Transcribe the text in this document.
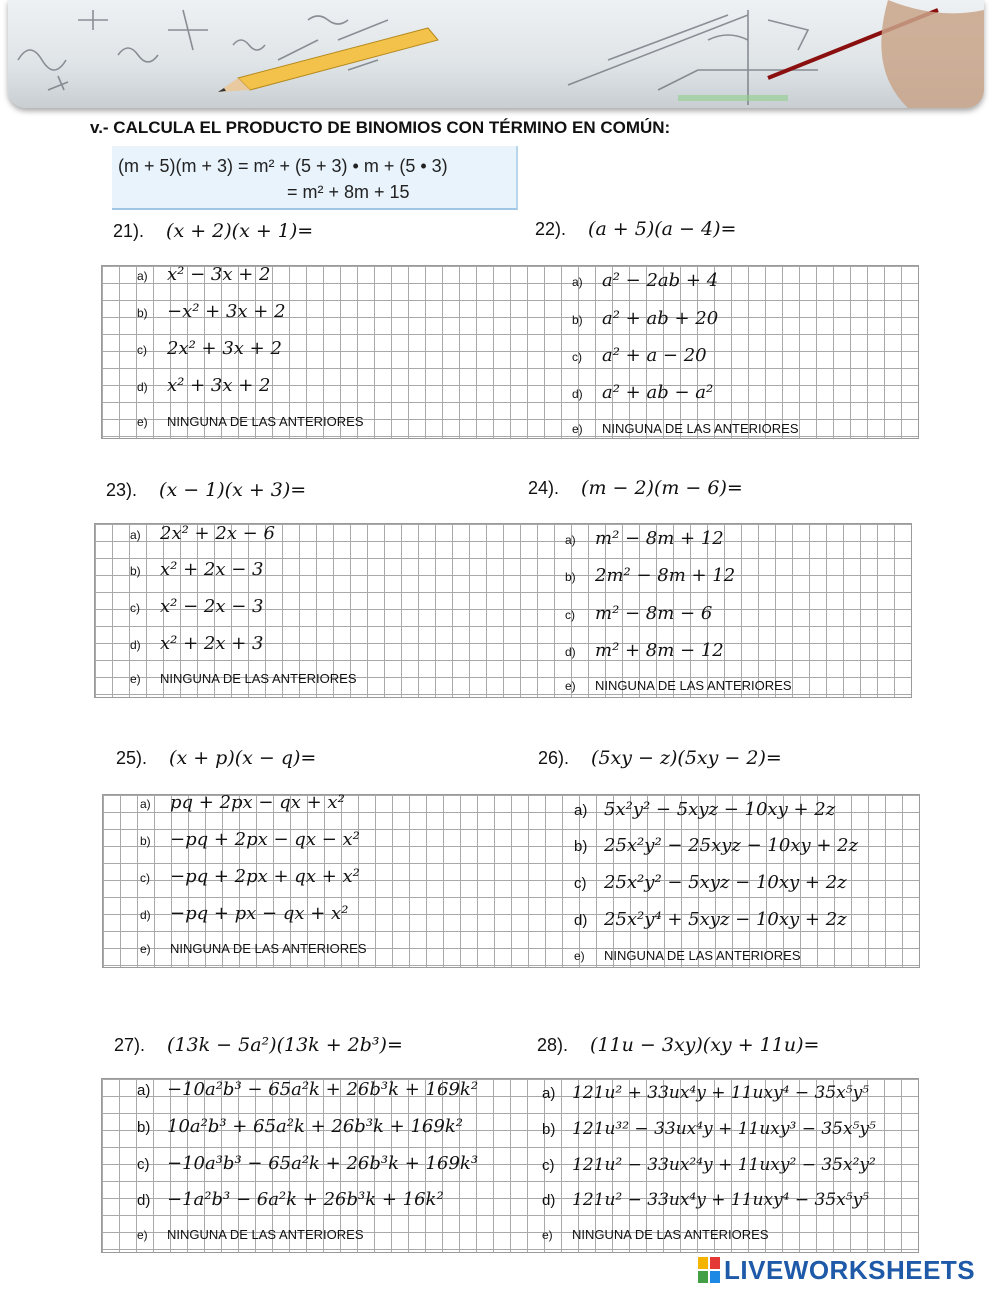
v.- CALCULA EL PRODUCTO DE BINOMIOS CON TÉRMINO EN COMÚN:
(m + 5)(m + 3) = m² + (5 + 3) • m + (5 • 3)
= m² + 8m + 15
21). (x + 2)(x + 1)=
a) x² − 3x + 2
b) −x² + 3x + 2
c) 2x² + 3x + 2
d) x² + 3x + 2
e) NINGUNA DE LAS ANTERIORES
22). (a + 5)(a − 4)=
a) a² − 2ab + 4
b) a² + ab + 20
c) a² + a − 20
d) a² + ab − a²
e) NINGUNA DE LAS ANTERIORES
23). (x − 1)(x + 3)=
a) 2x² + 2x − 6
b) x² + 2x − 3
c) x² − 2x − 3
d) x² + 2x + 3
e) NINGUNA DE LAS ANTERIORES
24). (m − 2)(m − 6)=
a) m² − 8m + 12
b) 2m² − 8m + 12
c) m² − 8m − 6
d) m² + 8m − 12
e) NINGUNA DE LAS ANTERIORES
25). (x + p)(x − q)=
a) pq + 2px − qx + x²
b) −pq + 2px − qx − x²
c) −pq + 2px + qx + x²
d) −pq + px − qx + x²
e) NINGUNA DE LAS ANTERIORES
26). (5xy − z)(5xy − 2)=
a) 5x²y² − 5xyz − 10xy + 2z
b) 25x²y² − 25xyz − 10xy + 2z
c) 25x²y² − 5xyz − 10xy + 2z
d) 25x²y⁴ + 5xyz − 10xy + 2z
e) NINGUNA DE LAS ANTERIORES
27). (13k − 5a²)(13k + 2b³)=
a) −10a²b³ − 65a²k + 26b³k + 169k²
b) 10a²b³ + 65a²k + 26b³k + 169k²
c) −10a³b³ − 65a²k + 26b³k + 169k³
d) −1a²b³ − 6a²k + 26b³k + 16k²
e) NINGUNA DE LAS ANTERIORES
28). (11u − 3xy)(xy + 11u)=
a) 121u² + 33ux⁴y + 11uxy⁴ − 35x⁵y⁵
b) 121u³² − 33ux⁴y + 11uxy³ − 35x⁵y⁵
c) 121u² − 33ux²⁴y + 11uxy² − 35x²y²
d) 121u² − 33ux⁴y + 11uxy⁴ − 35x⁵y⁵
e) NINGUNA DE LAS ANTERIORES
LIVEWORKSHEETS
